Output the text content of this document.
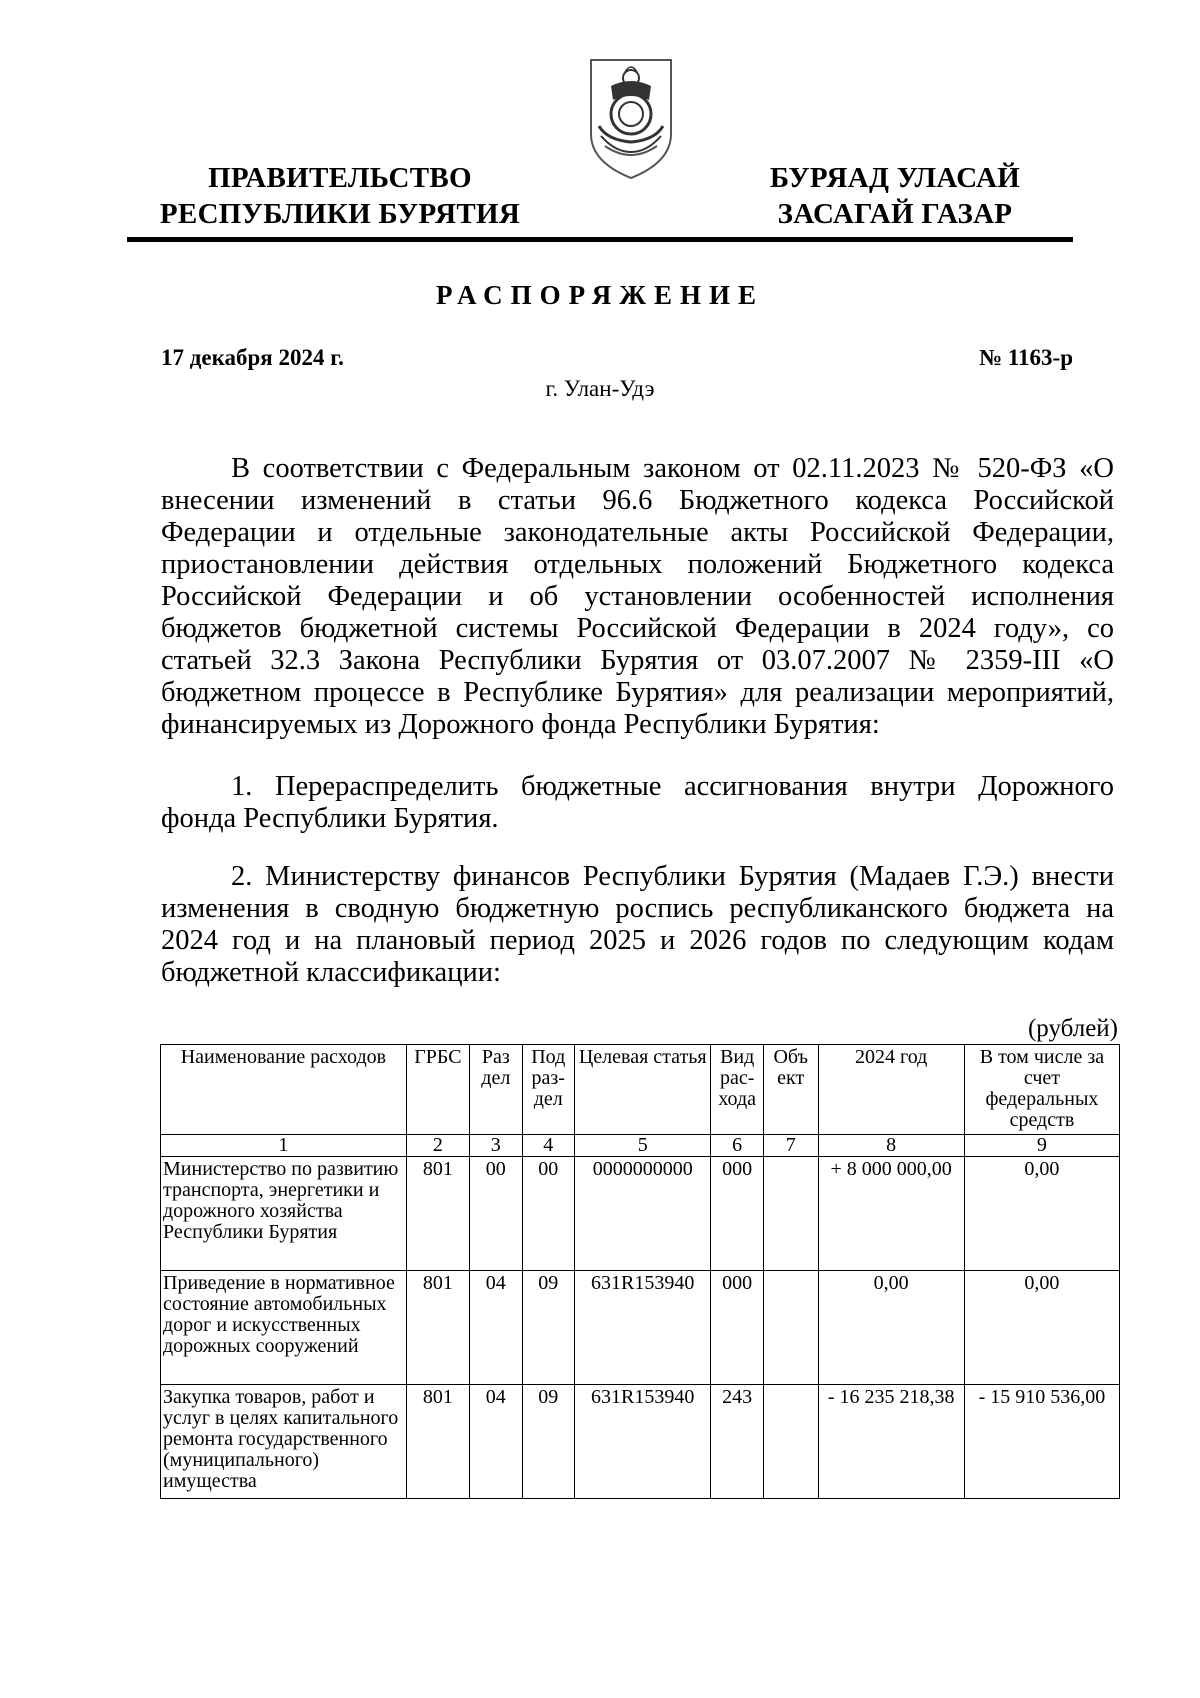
ПРАВИТЕЛЬСТВО
РЕСПУБЛИКИ БУРЯТИЯ
БУРЯАД УЛАСАЙ
ЗАСАГАЙ ГАЗАР
РАСПОРЯЖЕНИЕ
17 декабря 2024 г.	№ 1163-р
г. Улан-Удэ

В соответствии с Федеральным законом от 02.11.2023 № 520-ФЗ «О внесении изменений в статьи 96.6 Бюджетного кодекса Российской Федерации и отдельные законодательные акты Российской Федерации, приостановлении действия отдельных положений Бюджетного кодекса Российской Федерации и об установлении особенностей исполнения бюджетов бюджетной системы Российской Федерации в 2024 году», со статьей 32.3 Закона Республики Бурятия от 03.07.2007 № 2359-III «О бюджетном процессе в Республике Бурятия» для реализации мероприятий, финансируемых из Дорожного фонда Республики Бурятия:

1. Перераспределить бюджетные ассигнования внутри Дорожного фонда Республики Бурятия.

2. Министерству финансов Республики Бурятия (Мадаев Г.Э.) внести изменения в сводную бюджетную роспись республиканского бюджета на 2024 год и на плановый период 2025 и 2026 годов по следующим кодам бюджетной классификации:

(рублей)
Наименование расходов	ГРБС	Раз дел	Под раз- дел	Целевая статья	Вид рас- хода	Объ ект	2024 год	В том числе за счет федеральных средств
1	2	3	4	5	6	7	8	9
Министерство по развитию транспорта, энергетики и дорожного хозяйства Республики Бурятия	801	00	00	0000000000	000		+ 8 000 000,00	0,00
Приведение в нормативное состояние автомобильных дорог и искусственных дорожных сооружений	801	04	09	631R153940	000		0,00	0,00
Закупка товаров, работ и услуг в целях капитального ремонта государственного (муниципального) имущества	801	04	09	631R153940	243		- 16 235 218,38	- 15 910 536,00
